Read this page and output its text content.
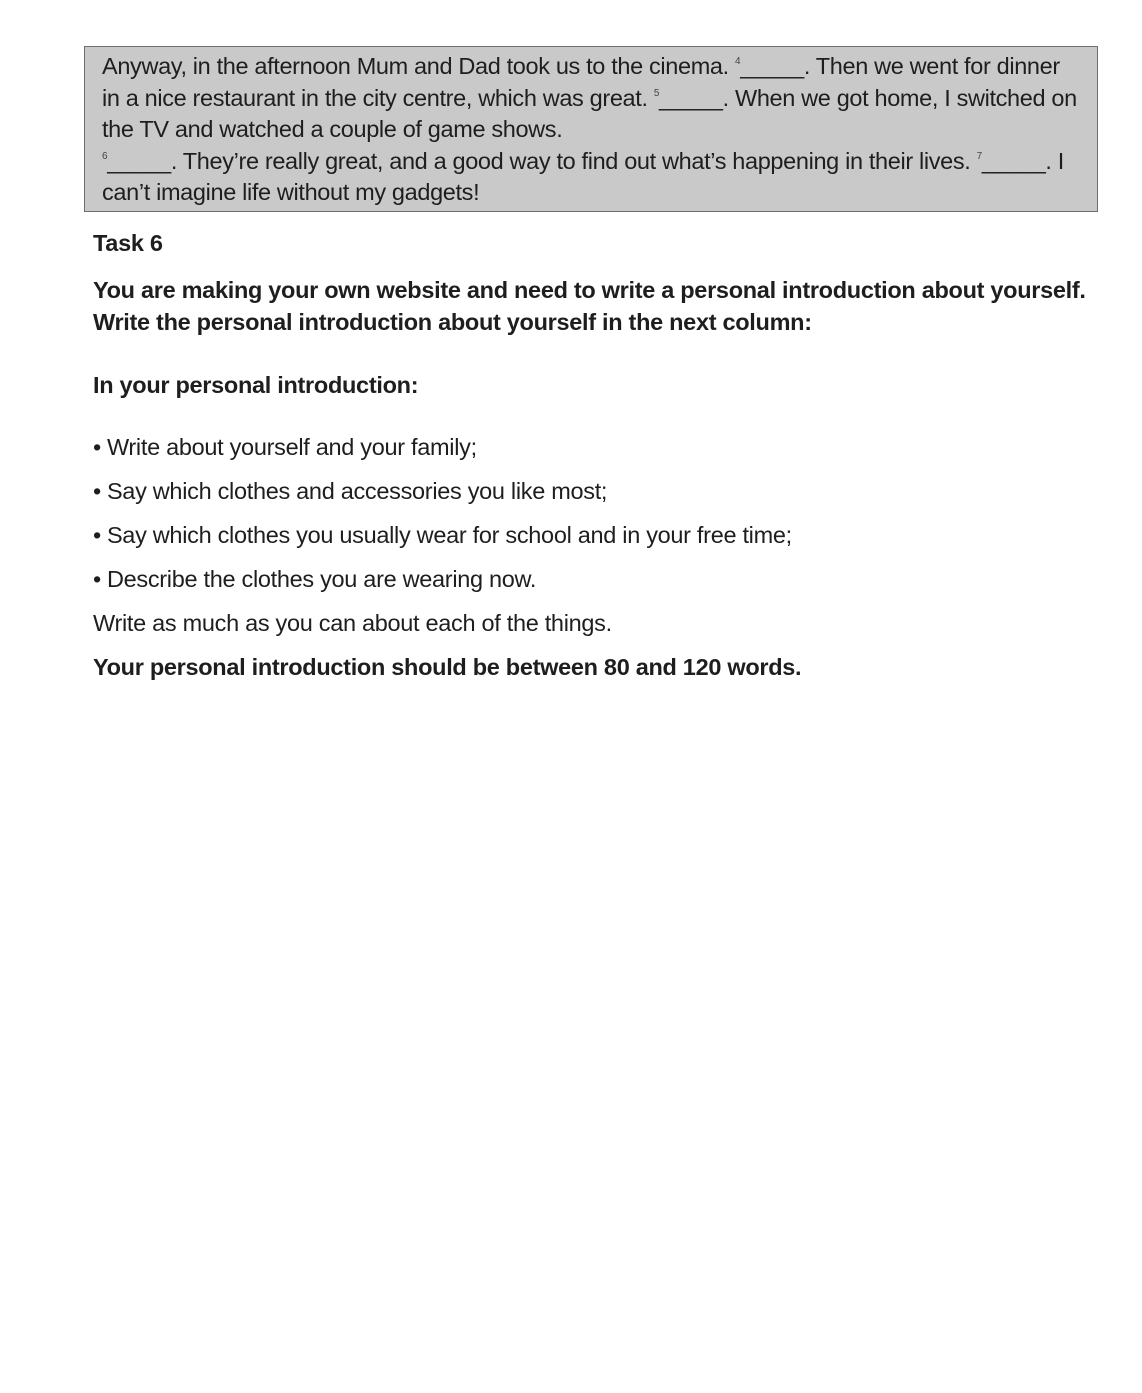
Anyway, in the afternoon Mum and Dad took us to the cinema. $^4$_____. Then we went for dinner
in a nice restaurant in the city centre, which was great. $^5$_____. When we got home, I switched on
the TV and watched a couple of game shows.
$^6$_____. They’re really great, and a good way to find out what’s happening in their lives. $^7$_____. I
can’t imagine life without my gadgets!

Task 6

You are making your own website and need to write a personal introduction about yourself.
Write the personal introduction about yourself in the next column:

In your personal introduction:

• Write about yourself and your family;
• Say which clothes and accessories you like most;
• Say which clothes you usually wear for school and in your free time;
• Describe the clothes you are wearing now.

Write as much as you can about each of the things.

Your personal introduction should be between 80 and 120 words.
